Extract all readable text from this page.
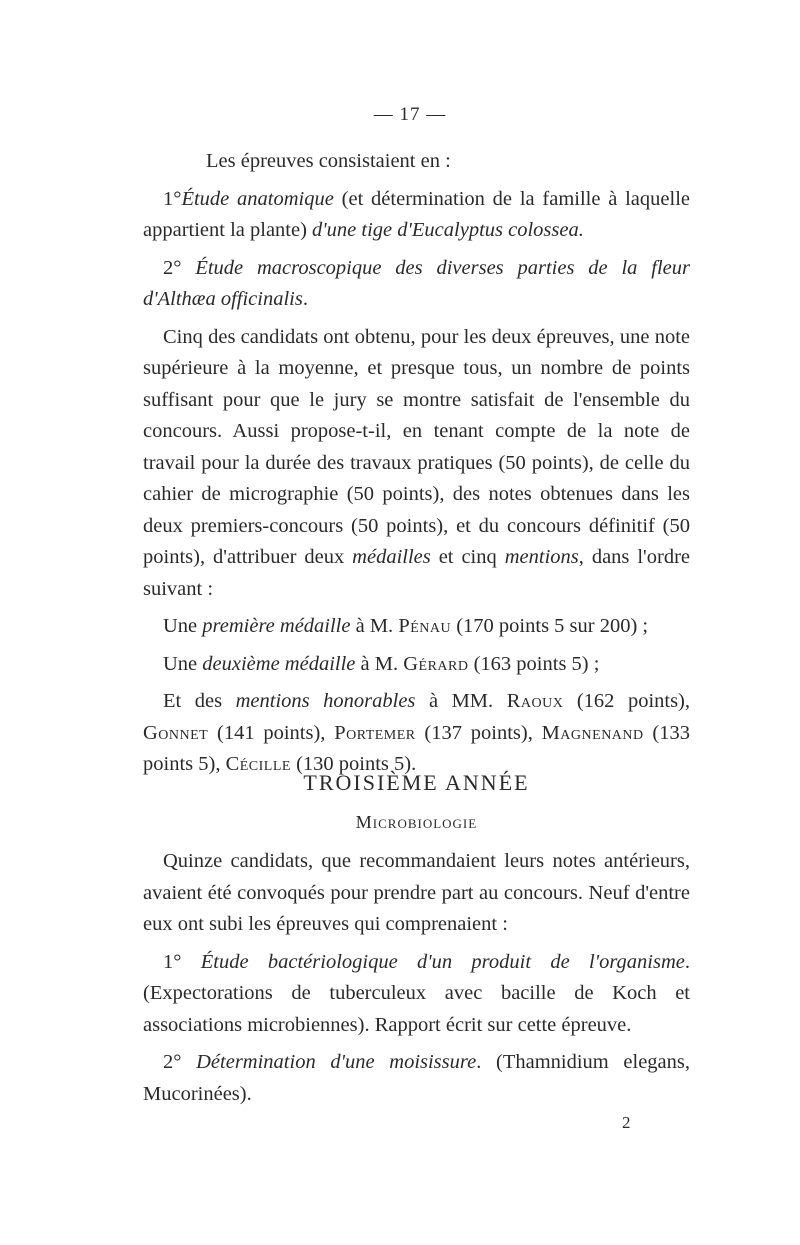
— 17 —

Les épreuves consistaient en :

1°Étude anatomique (et détermination de la famille à laquelle appartient la plante) d'une tige d'Eucalyptus colossea.

2° Étude macroscopique des diverses parties de la fleur d'Althæa officinalis.

Cinq des candidats ont obtenu, pour les deux épreuves, une note supérieure à la moyenne, et presque tous, un nombre de points suffisant pour que le jury se montre satisfait de l'ensemble du concours. Aussi propose-t-il, en tenant compte de la note de travail pour la durée des travaux pratiques (50 points), de celle du cahier de micrographie (50 points), des notes obtenues dans les deux premiers-concours (50 points), et du concours définitif (50 points), d'attribuer deux médailles et cinq mentions, dans l'ordre suivant :

Une première médaille à M. Pénau (170 points 5 sur 200) ;

Une deuxième médaille à M. Gérard (163 points 5) ;

Et des mentions honorables à MM. Raoux (162 points), Gonnet (141 points), Portemer (137 points), Magnenand (133 points 5), Cécille (130 points 5).

TROISIÈME ANNÉE
Microbiologie

Quinze candidats, que recommandaient leurs notes antérieurs, avaient été convoqués pour prendre part au concours. Neuf d'entre eux ont subi les épreuves qui comprenaient :

1° Étude bactériologique d'un produit de l'organisme. (Expectorations de tuberculeux avec bacille de Koch et associations microbiennes). Rapport écrit sur cette épreuve.

2° Détermination d'une moisissure. (Thamnidium elegans, Mucorinées).

2
